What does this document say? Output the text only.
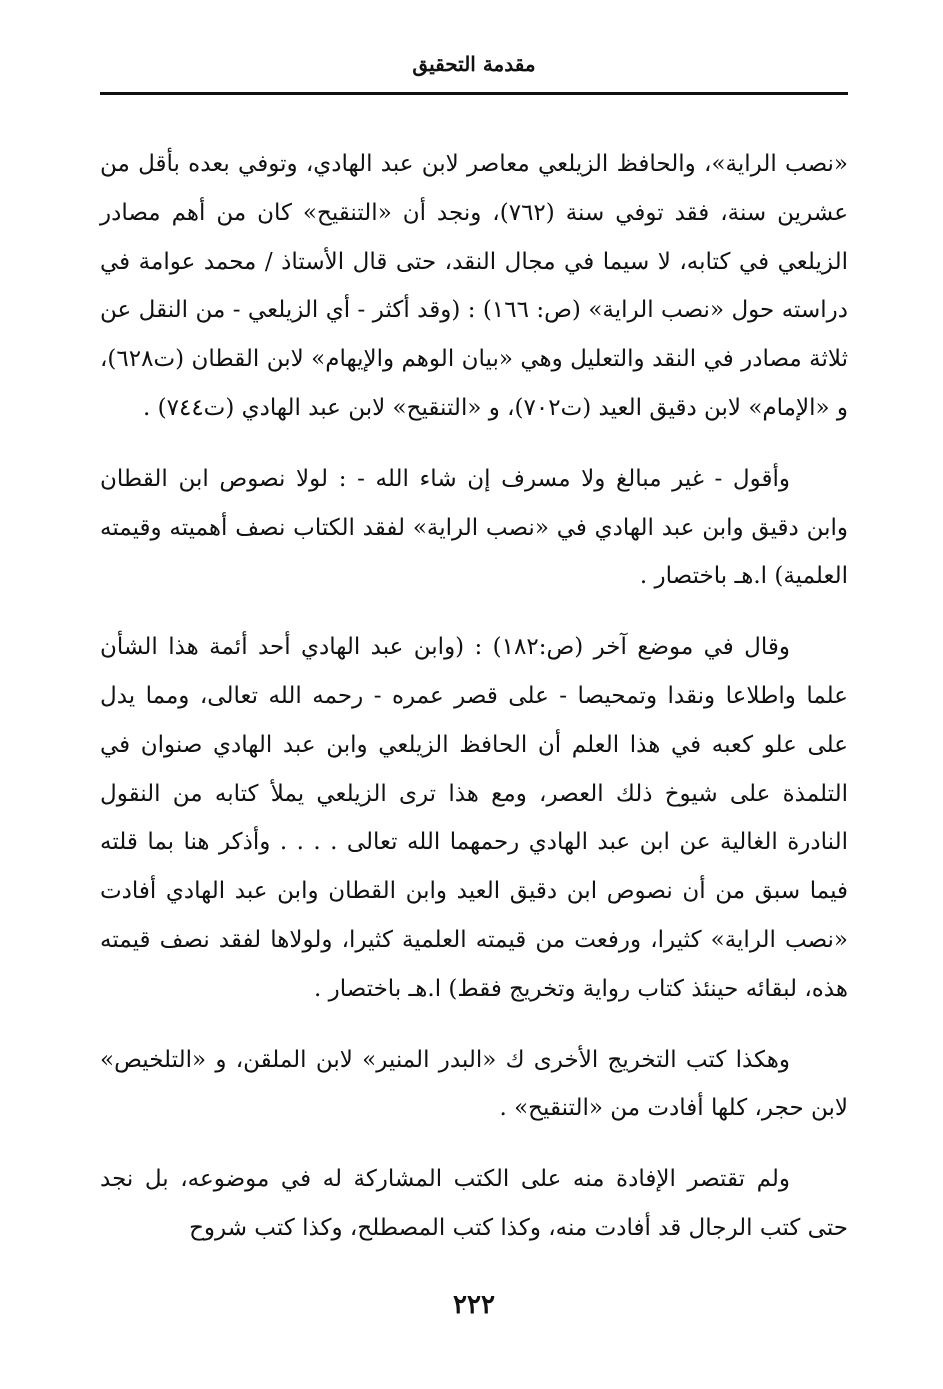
مقدمة التحقيق

«نصب الراية»، والحافظ الزيلعي معاصر لابن عبد الهادي، وتوفي بعده بأقل من عشرين سنة، فقد توفي سنة (٧٦٢)، ونجد أن «التنقيح» كان من أهم مصادر الزيلعي في كتابه، لا سيما في مجال النقد، حتى قال الأستاذ / محمد عوامة في دراسته حول «نصب الراية» (ص: ١٦٦) : (وقد أكثر - أي الزيلعي - من النقل عن ثلاثة مصادر في النقد والتعليل وهي «بيان الوهم والإيهام» لابن القطان (ت٦٢٨)، و «الإمام» لابن دقيق العيد (ت٧٠٢)، و «التنقيح» لابن عبد الهادي (ت٧٤٤) .

وأقول - غير مبالغ ولا مسرف إن شاء الله - : لولا نصوص ابن القطان وابن دقيق وابن عبد الهادي في «نصب الراية» لفقد الكتاب نصف أهميته وقيمته العلمية) ا.هـ باختصار .

وقال في موضع آخر (ص:١٨٢) : (وابن عبد الهادي أحد أئمة هذا الشأن علما واطلاعا ونقدا وتمحيصا - على قصر عمره - رحمه الله تعالى، ومما يدل على علو كعبه في هذا العلم أن الحافظ الزيلعي وابن عبد الهادي صنوان في التلمذة على شيوخ ذلك العصر، ومع هذا ترى الزيلعي يملأ كتابه من النقول النادرة الغالية عن ابن عبد الهادي رحمهما الله تعالى . . . . وأذكر هنا بما قلته فيما سبق من أن نصوص ابن دقيق العيد وابن القطان وابن عبد الهادي أفادت «نصب الراية» كثيرا، ورفعت من قيمته العلمية كثيرا، ولولاها لفقد نصف قيمته هذه، لبقائه حينئذ كتاب رواية وتخريج فقط) ا.هـ باختصار .

وهكذا كتب التخريج الأخرى ك «البدر المنير» لابن الملقن، و «التلخيص» لابن حجر، كلها أفادت من «التنقيح» .

ولم تقتصر الإفادة منه على الكتب المشاركة له في موضوعه، بل نجد حتى كتب الرجال قد أفادت منه، وكذا كتب المصطلح، وكذا كتب شروح

٢٢٢
